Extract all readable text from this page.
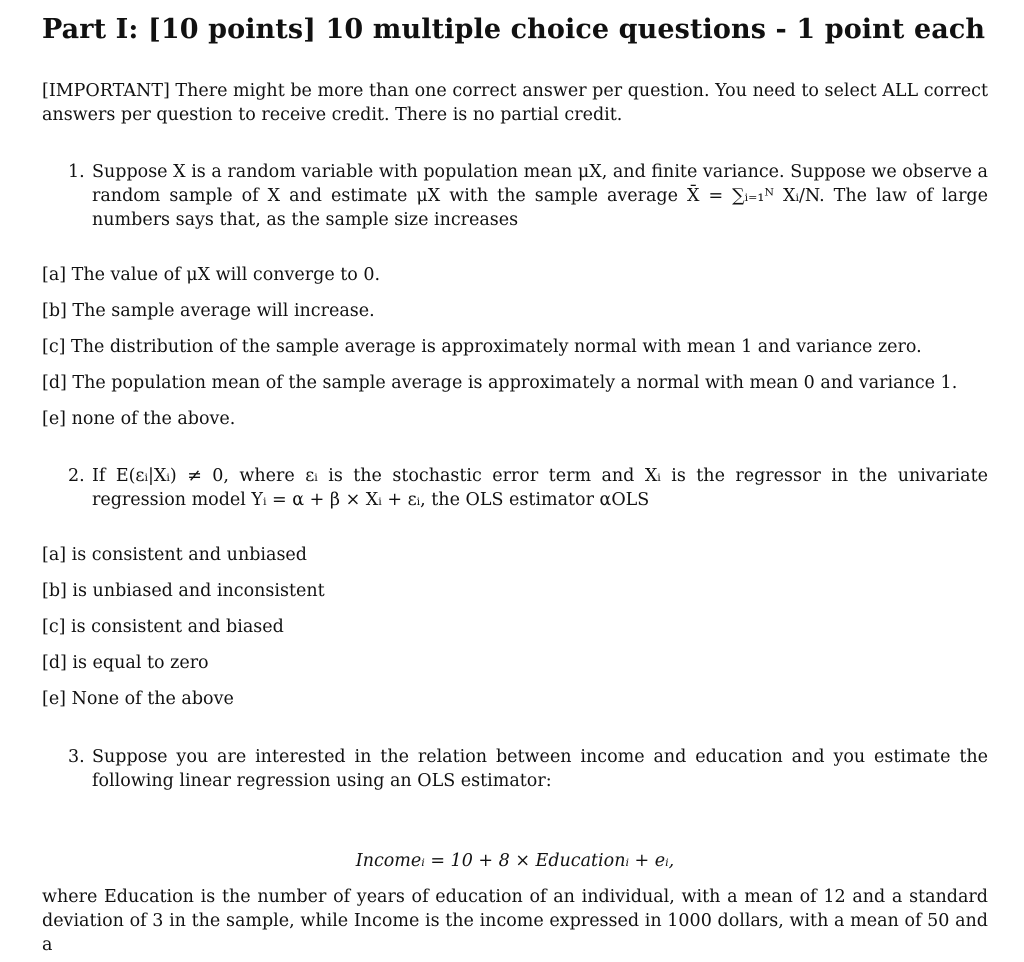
Part I: [10 points] 10 multiple choice questions - 1 point each
[IMPORTANT] There might be more than one correct answer per question. You need to select ALL correct answers per question to receive credit. There is no partial credit.
1. Suppose X is a random variable with population mean μX, and finite variance. Suppose we observe a random sample of X and estimate μX with the sample average X̄ = ∑ᵢ₌₁ᴺ Xᵢ/N. The law of large numbers says that, as the sample size increases
[a] The value of μX will converge to 0.
[b] The sample average will increase.
[c] The distribution of the sample average is approximately normal with mean 1 and variance zero.
[d] The population mean of the sample average is approximately a normal with mean 0 and variance 1.
[e] none of the above.
2. If E(εᵢ|Xᵢ) ≠ 0, where εᵢ is the stochastic error term and Xᵢ is the regressor in the univariate regression model Yᵢ = α + β × Xᵢ + εᵢ, the OLS estimator αOLS
[a] is consistent and unbiased
[b] is unbiased and inconsistent
[c] is consistent and biased
[d] is equal to zero
[e] None of the above
3. Suppose you are interested in the relation between income and education and you estimate the following linear regression using an OLS estimator:
Incomeᵢ = 10 + 8 × Educationᵢ + eᵢ,
where Education is the number of years of education of an individual, with a mean of 12 and a standard deviation of 3 in the sample, while Income is the income expressed in 1000 dollars, with a mean of 50 and a
